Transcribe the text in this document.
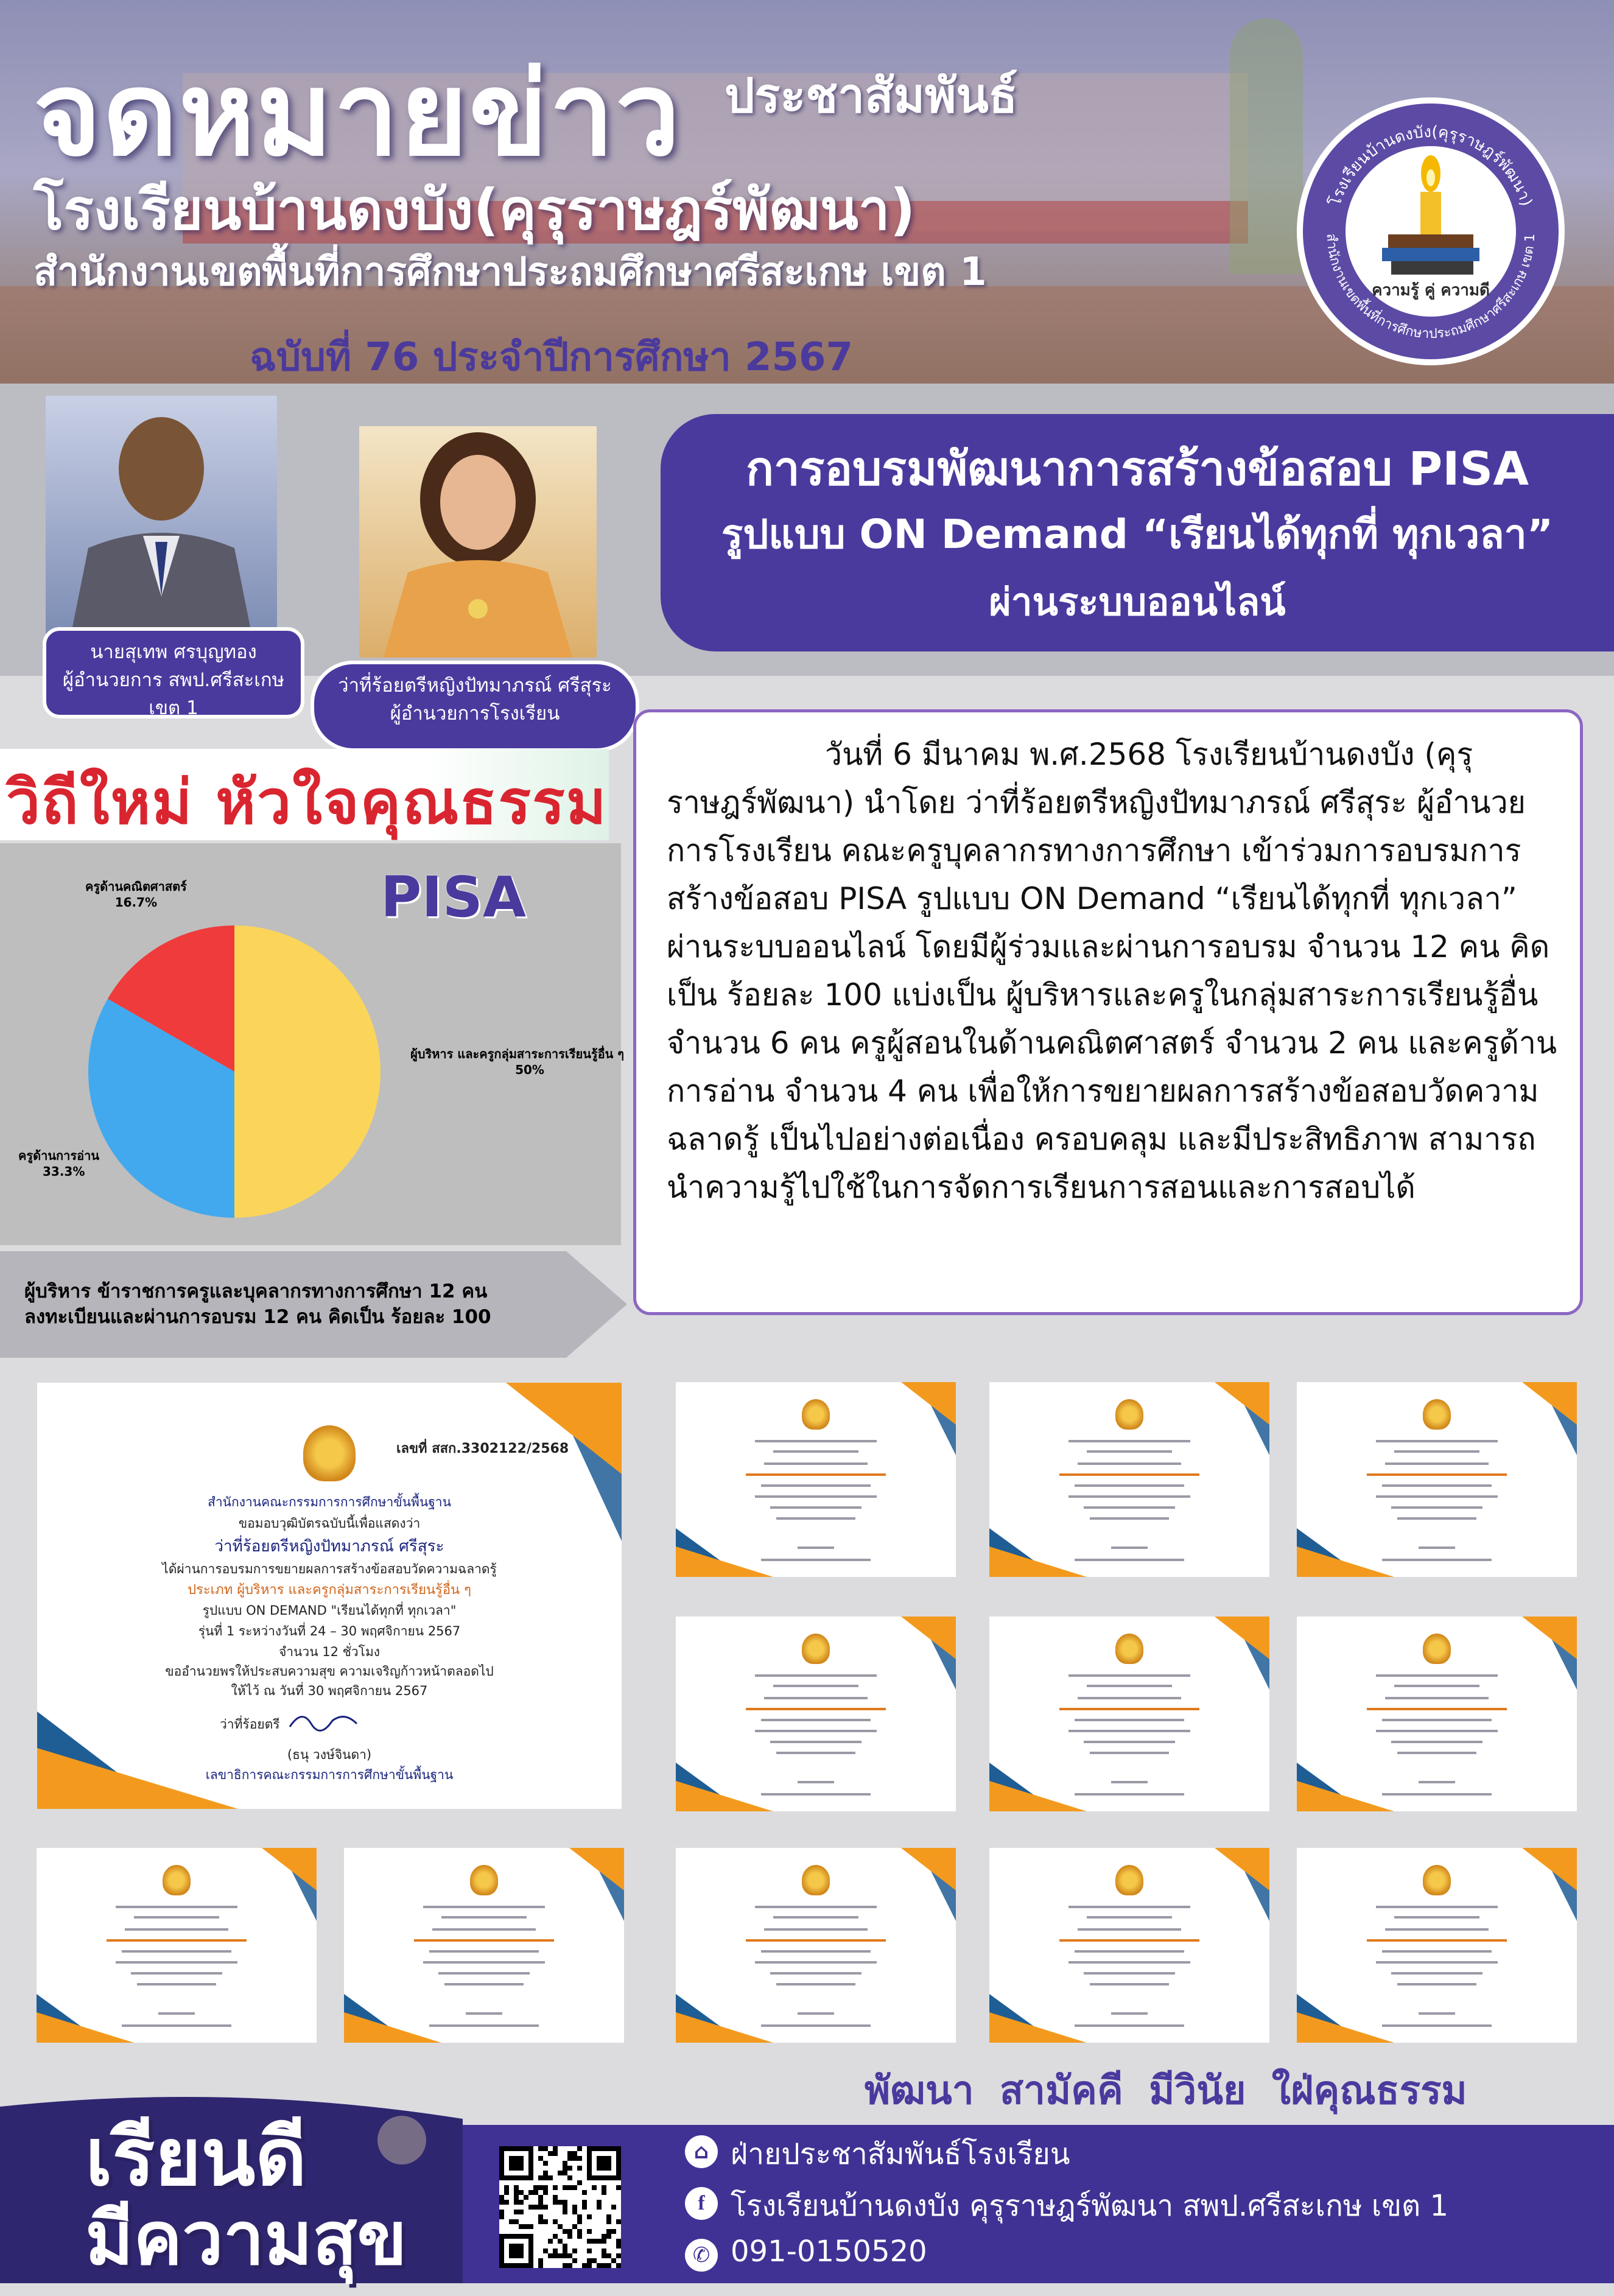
จดหมายข่าว ประชาสัมพันธ์
โรงเรียนบ้านดงบัง(คุรุราษฎร์พัฒนา)
สำนักงานเขตพื้นที่การศึกษาประถมศึกษาศรีสะเกษ เขต 1
ฉบับที่ 76 ประจำปีการศึกษา 2567
โรงเรียนบ้านดงบัง(คุรุราษฎร์พัฒนา)
สำนักงานเขตพื้นที่การศึกษาประถมศึกษาศรีสะเกษ เขต 1
ความรู้ คู่ ความดี
นายสุเทพ ศรบุญทอง
ผู้อำนวยการ สพป.ศรีสะเกษ เขต 1
ว่าที่ร้อยตรีหญิงปัทมาภรณ์ ศรีสุระ
ผู้อำนวยการโรงเรียน
การอบรมพัฒนาการสร้างข้อสอบ PISA
รูปแบบ ON Demand “เรียนได้ทุกที่ ทุกเวลา”
ผ่านระบบออนไลน์
วิถีใหม่ หัวใจคุณธรรม
PISA
ครูด้านคณิตศาสตร์
16.7%
ผู้บริหาร และครูกลุ่มสาระการเรียนรู้อื่น ๆ
50%
ครูด้านการอ่าน
33.3%
ผู้บริหาร ข้าราชการครูและบุคลากรทางการศึกษา 12 คน
ลงทะเบียนและผ่านการอบรม 12 คน คิดเป็น ร้อยละ 100
วันที่ 6 มีนาคม พ.ศ.2568 โรงเรียนบ้านดงบัง (คุรุราษฎร์พัฒนา) นำโดย ว่าที่ร้อยตรีหญิงปัทมาภรณ์ ศรีสุระ ผู้อำนวยการโรงเรียน คณะครูบุคลากรทางการศึกษา เข้าร่วมการอบรมการสร้างข้อสอบ PISA รูปแบบ ON Demand “เรียนได้ทุกที่ ทุกเวลา” ผ่านระบบออนไลน์ โดยมีผู้ร่วมและผ่านการอบรม จำนวน 12 คน คิดเป็น ร้อยละ 100 แบ่งเป็น ผู้บริหารและครูในกลุ่มสาระการเรียนรู้อื่น จำนวน 6 คน ครูผู้สอนในด้านคณิตศาสตร์ จำนวน 2 คน และครูด้านการอ่าน จำนวน 4 คน เพื่อให้การขยายผลการสร้างข้อสอบวัดความฉลาดรู้ เป็นไปอย่างต่อเนื่อง ครอบคลุม และมีประสิทธิภาพ สามารถนำความรู้ไปใช้ในการจัดการเรียนการสอนและการสอบได้
เลขที่ สสก.3302122/2568
สำนักงานคณะกรรมการการศึกษาขั้นพื้นฐาน
ขอมอบวุฒิบัตรฉบับนี้เพื่อแสดงว่า
ว่าที่ร้อยตรีหญิงปัทมาภรณ์ ศรีสุระ
ได้ผ่านการอบรมการขยายผลการสร้างข้อสอบวัดความฉลาดรู้
ประเภท ผู้บริหาร และครูกลุ่มสาระการเรียนรู้อื่น ๆ
รูปแบบ ON DEMAND "เรียนได้ทุกที่ ทุกเวลา"
รุ่นที่ 1 ระหว่างวันที่ 24 – 30 พฤศจิกายน 2567
จำนวน 12 ชั่วโมง
ขออำนวยพรให้ประสบความสุข ความเจริญก้าวหน้าตลอดไป
ให้ไว้ ณ วันที่ 30 พฤศจิกายน 2567
ว่าที่ร้อยตรี
(ธนุ วงษ์จินดา)
เลขาธิการคณะกรรมการการศึกษาขั้นพื้นฐาน
พัฒนา สามัคคี มีวินัย ใฝ่คุณธรรม
เรียนดี
มีความสุข
⌂ ฝ่ายประชาสัมพันธ์โรงเรียน
f โรงเรียนบ้านดงบัง คุรุราษฎร์พัฒนา สพป.ศรีสะเกษ เขต 1
✆ 091-0150520
